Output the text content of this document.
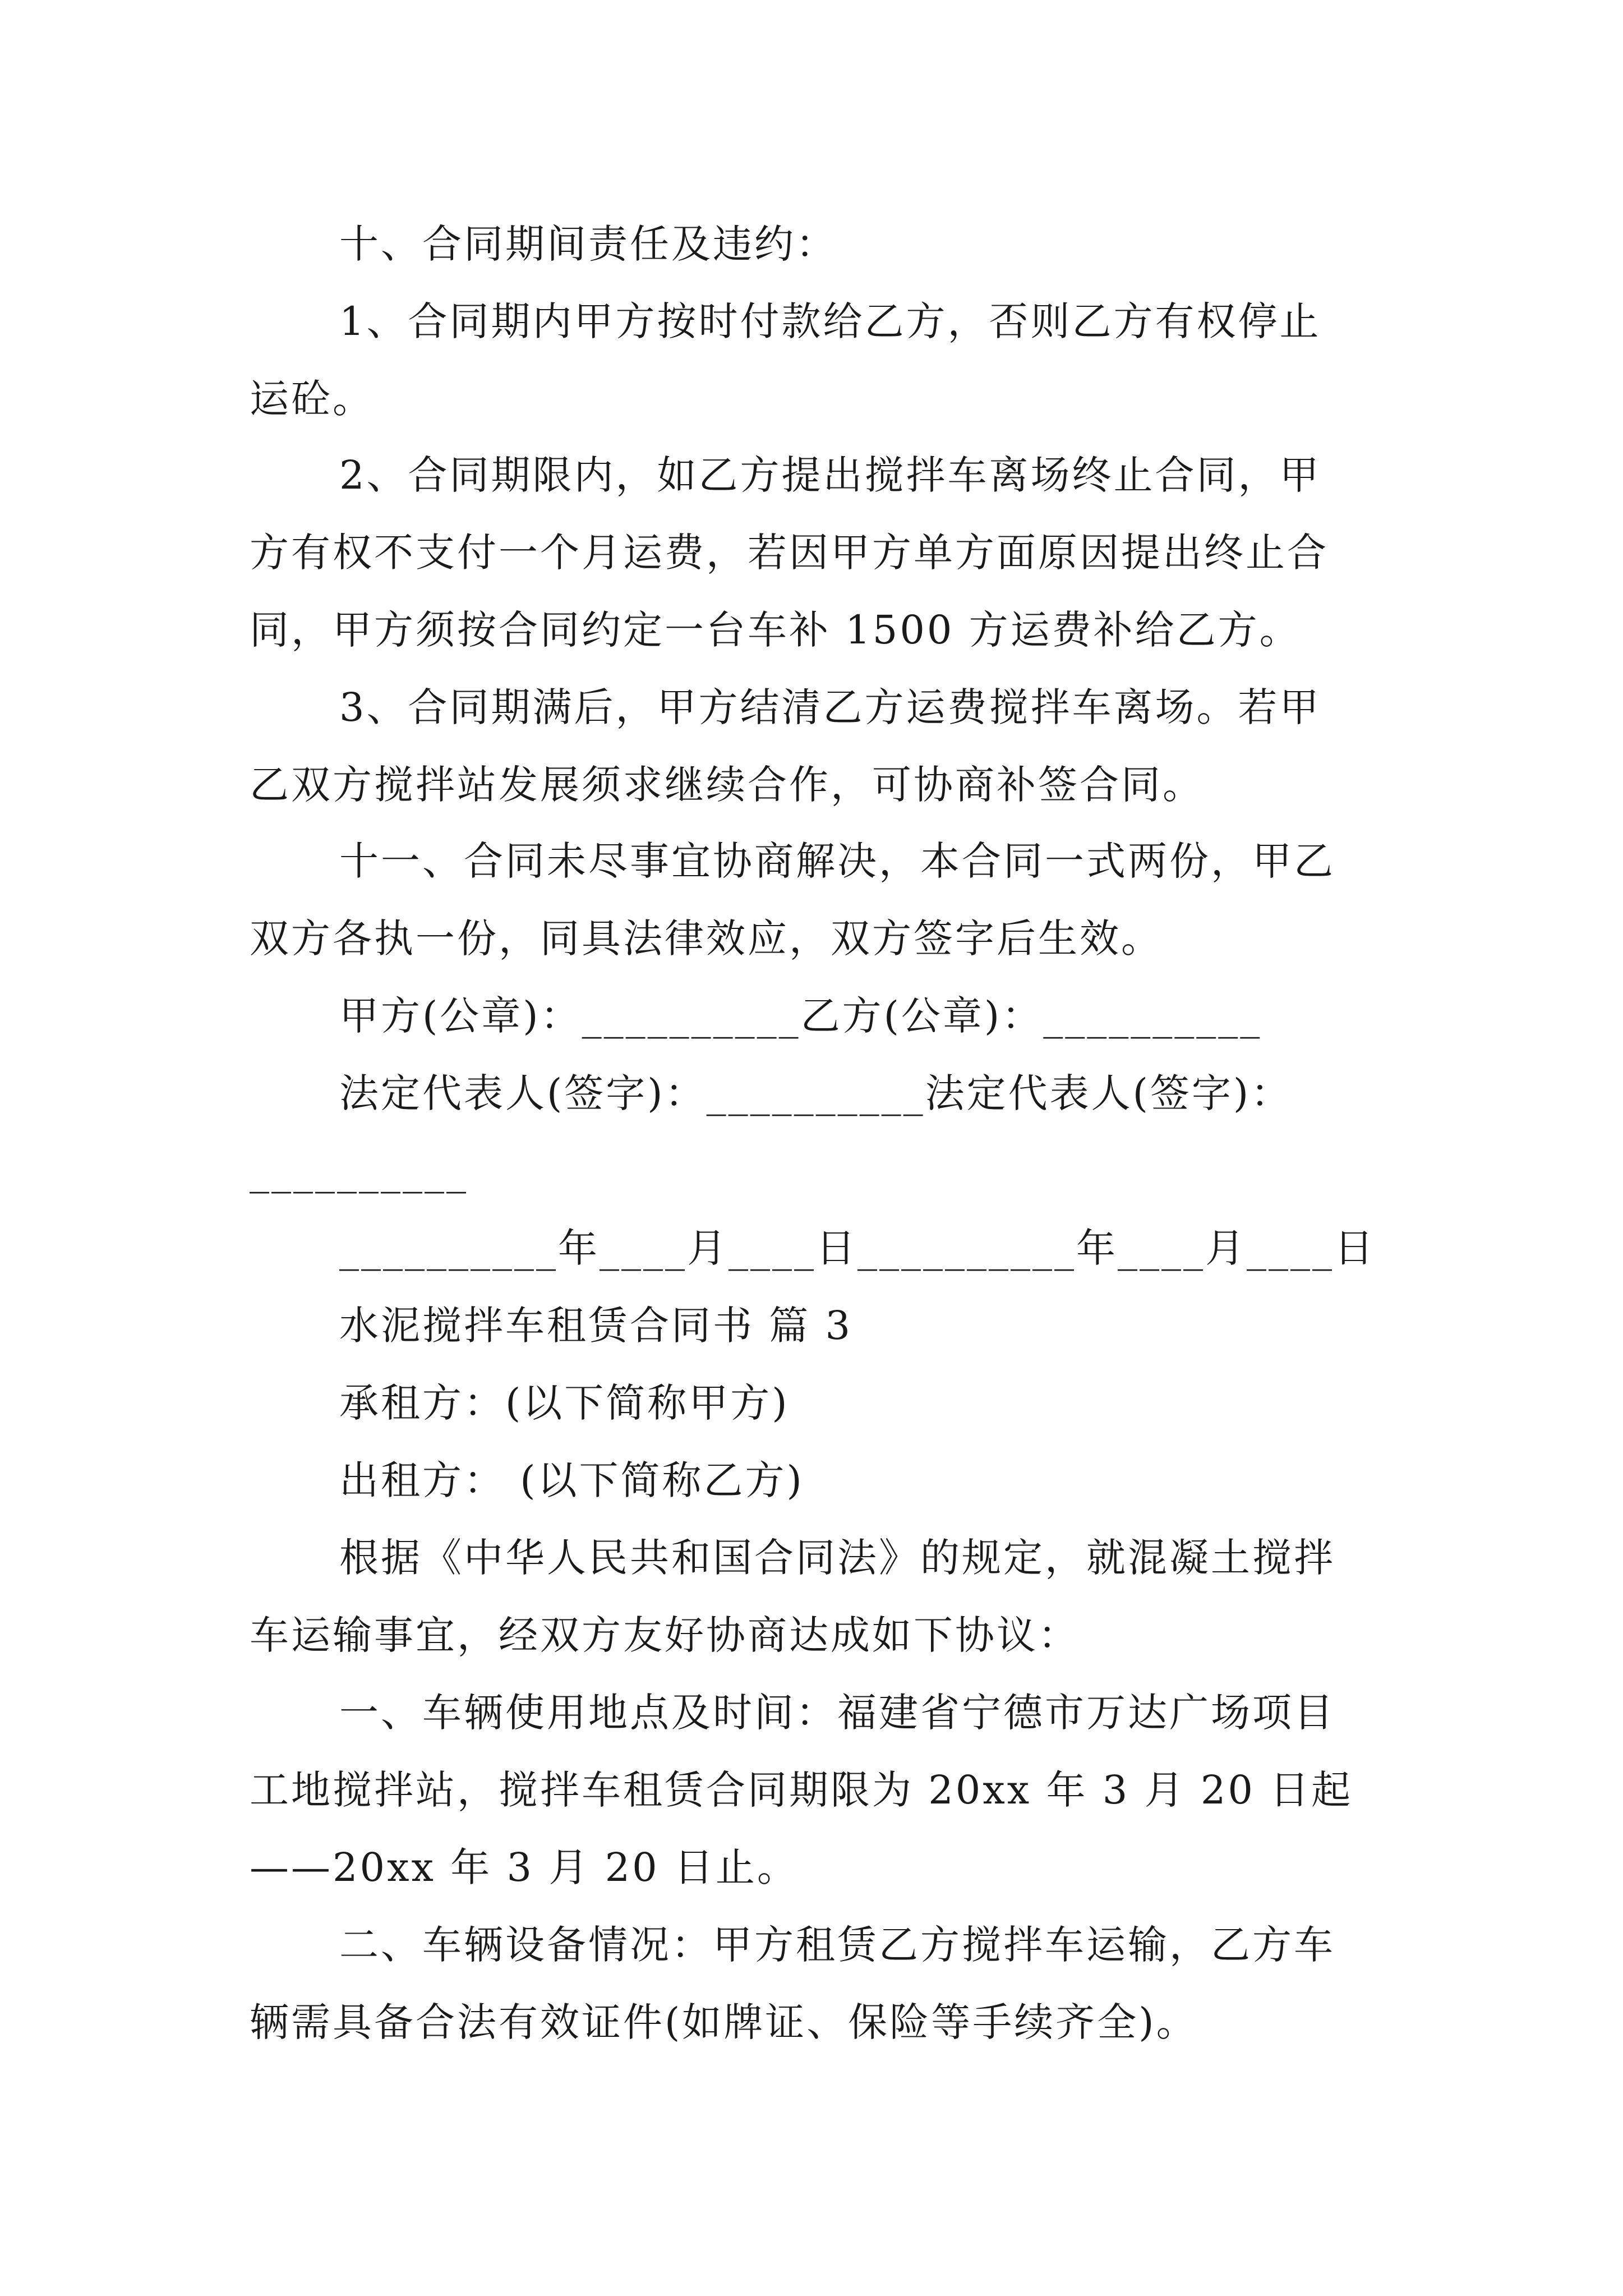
十、合同期间责任及违约：
1、合同期内甲方按时付款给乙方，否则乙方有权停止
运砼。
2、合同期限内，如乙方提出搅拌车离场终止合同，甲
方有权不支付一个月运费，若因甲方单方面原因提出终止合
同，甲方须按合同约定一台车补 1500 方运费补给乙方。
3、合同期满后，甲方结清乙方运费搅拌车离场。若甲
乙双方搅拌站发展须求继续合作，可协商补签合同。
十一、合同未尽事宜协商解决，本合同一式两份，甲乙
双方各执一份，同具法律效应，双方签字后生效。
甲方(公章)：__________乙方(公章)：__________
法定代表人(签字)：__________法定代表人(签字)：
__________
__________年____月____日__________年____月____日
水泥搅拌车租赁合同书 篇 3
承租方：(以下简称甲方)
出租方： (以下简称乙方)
根据《中华人民共和国合同法》的规定，就混凝土搅拌
车运输事宜，经双方友好协商达成如下协议：
一、车辆使用地点及时间：福建省宁德市万达广场项目
工地搅拌站，搅拌车租赁合同期限为 20xx 年 3 月 20 日起
——20xx 年 3 月 20 日止。
二、车辆设备情况：甲方租赁乙方搅拌车运输，乙方车
辆需具备合法有效证件(如牌证、保险等手续齐全)。
